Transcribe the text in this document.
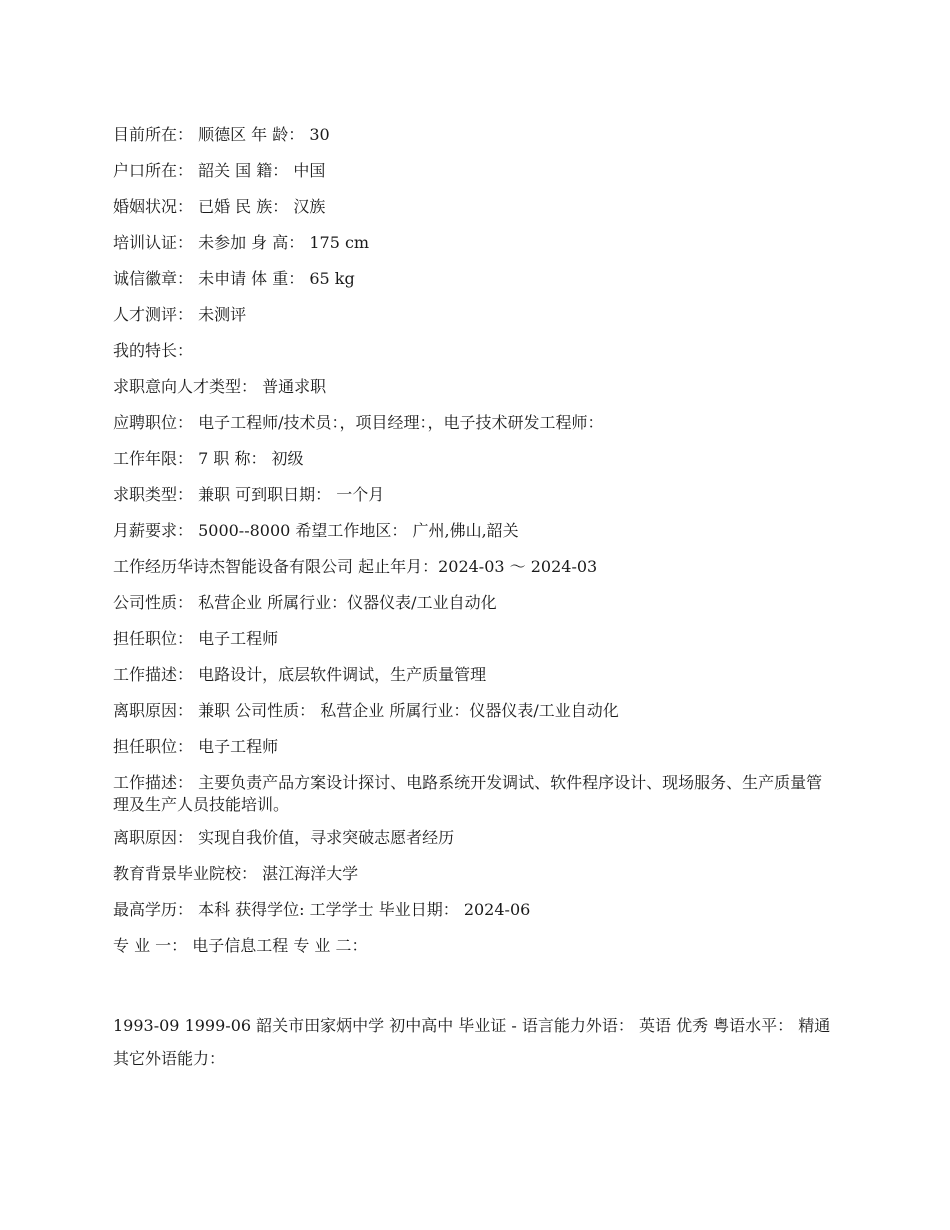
目前所在： 顺德区 年 龄： 30

户口所在： 韶关 国 籍： 中国

婚姻状况： 已婚 民 族： 汉族

培训认证： 未参加 身 高： 175 cm

诚信徽章： 未申请 体 重： 65 kg

人才测评： 未测评

我的特长：

求职意向人才类型： 普通求职

应聘职位： 电子工程师/技术员：，项目经理：，电子技术研发工程师：

工作年限： 7 职 称： 初级

求职类型： 兼职 可到职日期： 一个月

月薪要求： 5000--8000 希望工作地区： 广州,佛山,韶关

工作经历华诗杰智能设备有限公司 起止年月：2024-03 ～ 2024-03

公司性质： 私营企业 所属行业：仪器仪表/工业自动化

担任职位： 电子工程师

工作描述： 电路设计，底层软件调试，生产质量管理

离职原因： 兼职 公司性质： 私营企业 所属行业：仪器仪表/工业自动化

担任职位： 电子工程师

工作描述： 主要负责产品方案设计探讨、电路系统开发调试、软件程序设计、现场服务、生产质量管理及生产人员技能培训。

离职原因： 实现自我价值，寻求突破志愿者经历

教育背景毕业院校： 湛江海洋大学

最高学历： 本科 获得学位: 工学学士 毕业日期： 2024-06

专 业 一： 电子信息工程 专 业 二：

1993-09 1999-06 韶关市田家炳中学 初中高中 毕业证 - 语言能力外语： 英语 优秀 粤语水平： 精通

其它外语能力：
